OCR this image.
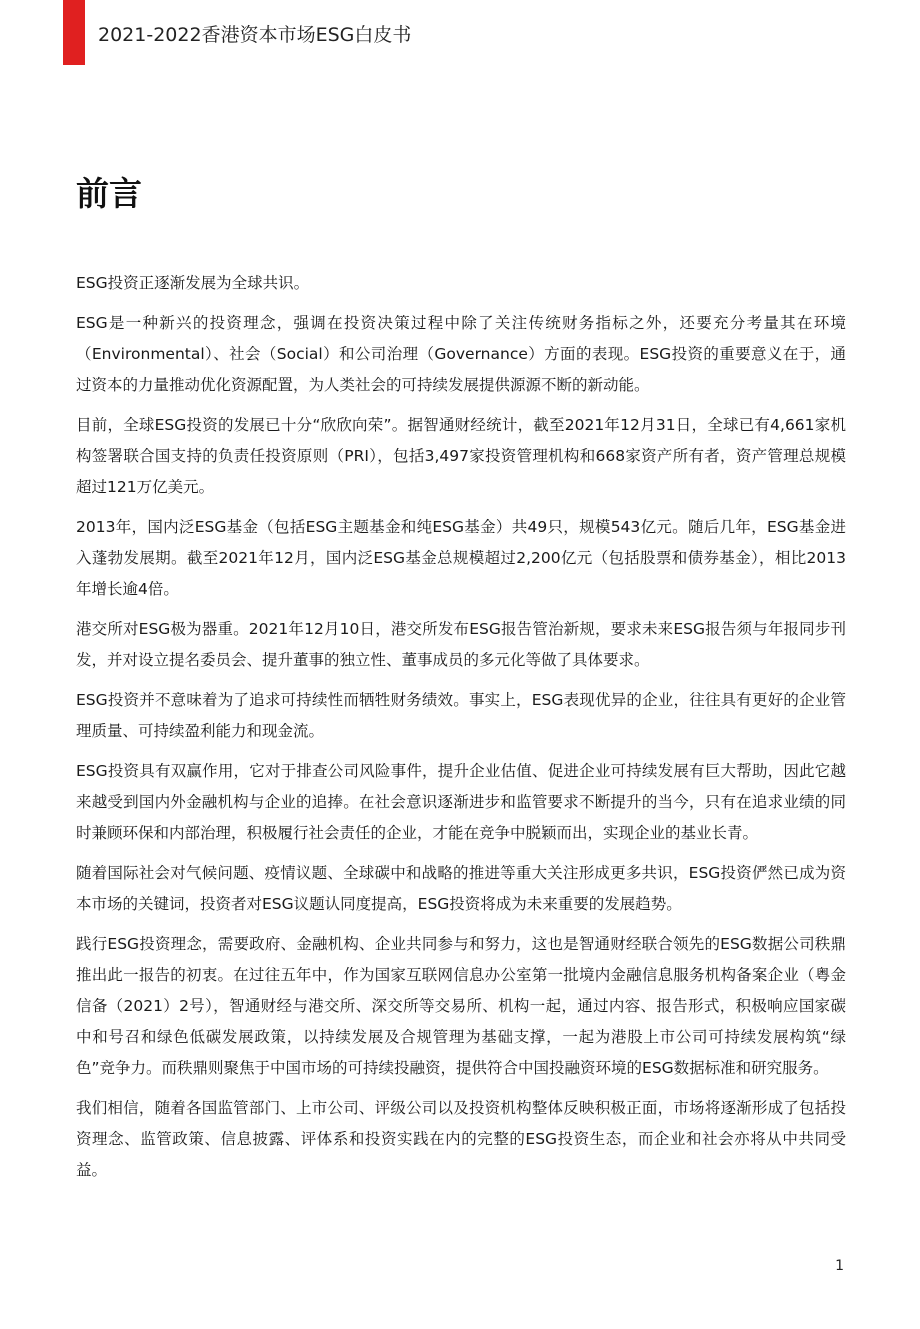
2021-2022香港资本市场ESG白皮书
前言

ESG投资正逐渐发展为全球共识。

ESG是一种新兴的投资理念，强调在投资决策过程中除了关注传统财务指标之外，还要充分考量其在环境（Environmental）、社会（Social）和公司治理（Governance）方面的表现。ESG投资的重要意义在于，通过资本的力量推动优化资源配置，为人类社会的可持续发展提供源源不断的新动能。

目前，全球ESG投资的发展已十分“欣欣向荣”。据智通财经统计，截至2021年12月31日，全球已有4,661家机构签署联合国支持的负责任投资原则（PRI），包括3,497家投资管理机构和668家资产所有者，资产管理总规模超过121万亿美元。

2013年，国内泛ESG基金（包括ESG主题基金和纯ESG基金）共49只，规模543亿元。随后几年，ESG基金进入蓬勃发展期。截至2021年12月，国内泛ESG基金总规模超过2,200亿元（包括股票和债券基金），相比2013年增长逾4倍。

港交所对ESG极为器重。2021年12月10日，港交所发布ESG报告管治新规，要求未来ESG报告须与年报同步刊发，并对设立提名委员会、提升董事的独立性、董事成员的多元化等做了具体要求。

ESG投资并不意味着为了追求可持续性而牺牲财务绩效。事实上，ESG表现优异的企业，往往具有更好的企业管理质量、可持续盈利能力和现金流。

ESG投资具有双赢作用，它对于排查公司风险事件，提升企业估值、促进企业可持续发展有巨大帮助，因此它越来越受到国内外金融机构与企业的追捧。在社会意识逐渐进步和监管要求不断提升的当今，只有在追求业绩的同时兼顾环保和内部治理，积极履行社会责任的企业，才能在竞争中脱颖而出，实现企业的基业长青。

随着国际社会对气候问题、疫情议题、全球碳中和战略的推进等重大关注形成更多共识，ESG投资俨然已成为资本市场的关键词，投资者对ESG议题认同度提高，ESG投资将成为未来重要的发展趋势。

践行ESG投资理念，需要政府、金融机构、企业共同参与和努力，这也是智通财经联合领先的ESG数据公司秩鼎推出此一报告的初衷。在过往五年中，作为国家互联网信息办公室第一批境内金融信息服务机构备案企业（粤金信备（2021）2号），智通财经与港交所、深交所等交易所、机构一起，通过内容、报告形式，积极响应国家碳中和号召和绿色低碳发展政策，以持续发展及合规管理为基础支撑，一起为港股上市公司可持续发展构筑“绿色”竞争力。而秩鼎则聚焦于中国市场的可持续投融资，提供符合中国投融资环境的ESG数据标准和研究服务。

我们相信，随着各国监管部门、上市公司、评级公司以及投资机构整体反映积极正面，市场将逐渐形成了包括投资理念、监管政策、信息披露、评体系和投资实践在内的完整的ESG投资生态，而企业和社会亦将从中共同受益。

1
